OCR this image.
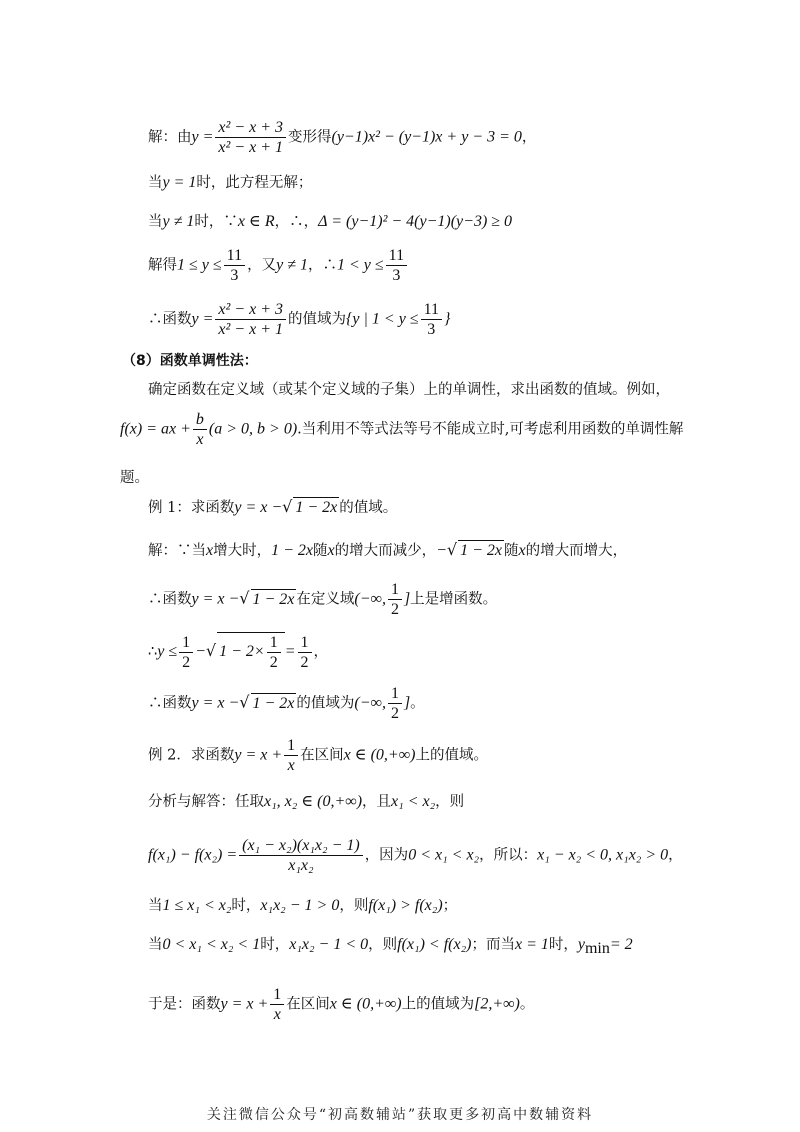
解：由$y = \frac{\text{x² − x + 3}}{\text{x² − x + 1}}$ 变形得(y−1)x² − (y−1)x + y − 3 = 0，
当y = 1时，此方程无解；
当y ≠ 1时，∵x ∈ R，∴，Δ = (y−1)² − 4(y−1)(y−3) ≥ 0
解得$1 \le y \le \frac{11}{3}$ ，又y ≠ 1，∴1 < $y \le \frac{11}{3}$
∴函数$y = \frac{\text{x² − x + 3}}{\text{x² − x + 1}}$ 的值域为{y | $1 < y \le \frac{11}{3}$ }
（8）函数单调性法：
确定函数在定义域（或某个定义域的子集）上的单调性，求出函数的值域。例如，
f(x) = ax + $\frac{b}{x} (a > 0$, b > 0).当利用不等式法等号不能成立时,可考虑利用函数的单调性解
题。
例 1：求函数y = x −√ 1 − 2x 的值域。
解：∵当x增大时，1 − 2x随x的增大而减少，−√ 1 − 2x 随x的增大而增大，
∴函数y = x −√ 1 − 2x 在定义域(−∞, $\frac{1}{2}$ ]上是增函数。
∴y ≤ $\frac{1}{2}$ −√ $1 - 2\times \frac{1}{2} = \frac{1}{2}$ ，
∴函数y = x −√ 1 − 2x 的值域为(−∞, $\frac{1}{2}$ ]。
例 2．求函数$y = x + \frac{1}{x}$ 在区间x ∈ (0,+∞)上的值域。
分析与解答：任取x₁, x₂ ∈ (0,+∞)，且x₁ < x₂，则
$f(x_1) - f(x_2) = \frac{\text{(x₁ − x₂)(x₁x₂ − 1)}}{\text{x₁x₂}}$ ，因为0 < x₁ < x₂，所以：x₁ − x₂ < 0, x₁x₂ > 0，
当1 ≤ x₁ < x₂时，x₁x₂ − 1 > 0，则f(x₁) > f(x₂)；
当0 < x₁ < x₂ < 1时，x₁x₂ − 1 < 0，则f(x₁) < f(x₂)；而当x = 1时，$y_{min}= 2$
于是：函数$y = x + \frac{1}{x}$ 在区间x ∈ (0,+∞)上的值域为[2,+∞)。
关注微信公众号“初高数辅站”获取更多初高中数辅资料
